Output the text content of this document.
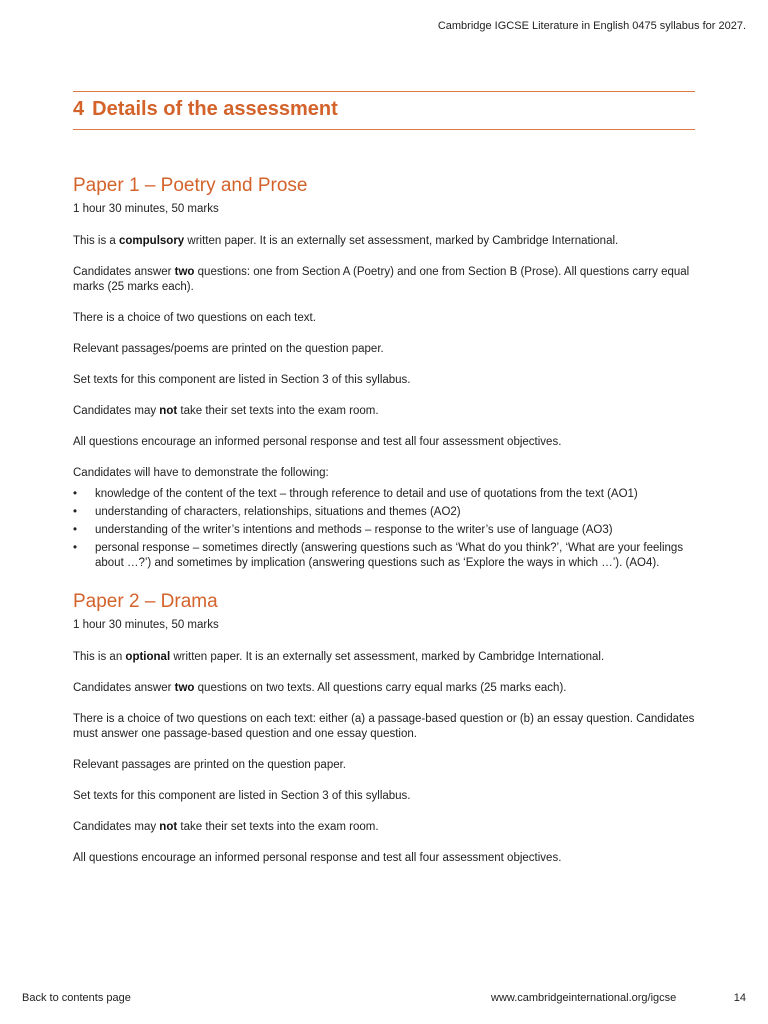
Cambridge IGCSE Literature in English 0475 syllabus for 2027.
4 Details of the assessment
Paper 1 – Poetry and Prose
1 hour 30 minutes, 50 marks

This is a compulsory written paper. It is an externally set assessment, marked by Cambridge International.

Candidates answer two questions: one from Section A (Poetry) and one from Section B (Prose). All questions carry equal marks (25 marks each).

There is a choice of two questions on each text.

Relevant passages/poems are printed on the question paper.

Set texts for this component are listed in Section 3 of this syllabus.

Candidates may not take their set texts into the exam room.

All questions encourage an informed personal response and test all four assessment objectives.

Candidates will have to demonstrate the following:

• knowledge of the content of the text – through reference to detail and use of quotations from the text (AO1)
• understanding of characters, relationships, situations and themes (AO2)
• understanding of the writer’s intentions and methods – response to the writer’s use of language (AO3)
• personal response – sometimes directly (answering questions such as ‘What do you think?’, ‘What are your feelings about …?’) and sometimes by implication (answering questions such as ‘Explore the ways in which …’). (AO4).
Paper 2 – Drama
1 hour 30 minutes, 50 marks

This is an optional written paper. It is an externally set assessment, marked by Cambridge International.

Candidates answer two questions on two texts. All questions carry equal marks (25 marks each).

There is a choice of two questions on each text: either (a) a passage-based question or (b) an essay question. Candidates must answer one passage-based question and one essay question.

Relevant passages are printed on the question paper.

Set texts for this component are listed in Section 3 of this syllabus.

Candidates may not take their set texts into the exam room.

All questions encourage an informed personal response and test all four assessment objectives.

Back to contents page	www.cambridgeinternational.org/igcse	14
